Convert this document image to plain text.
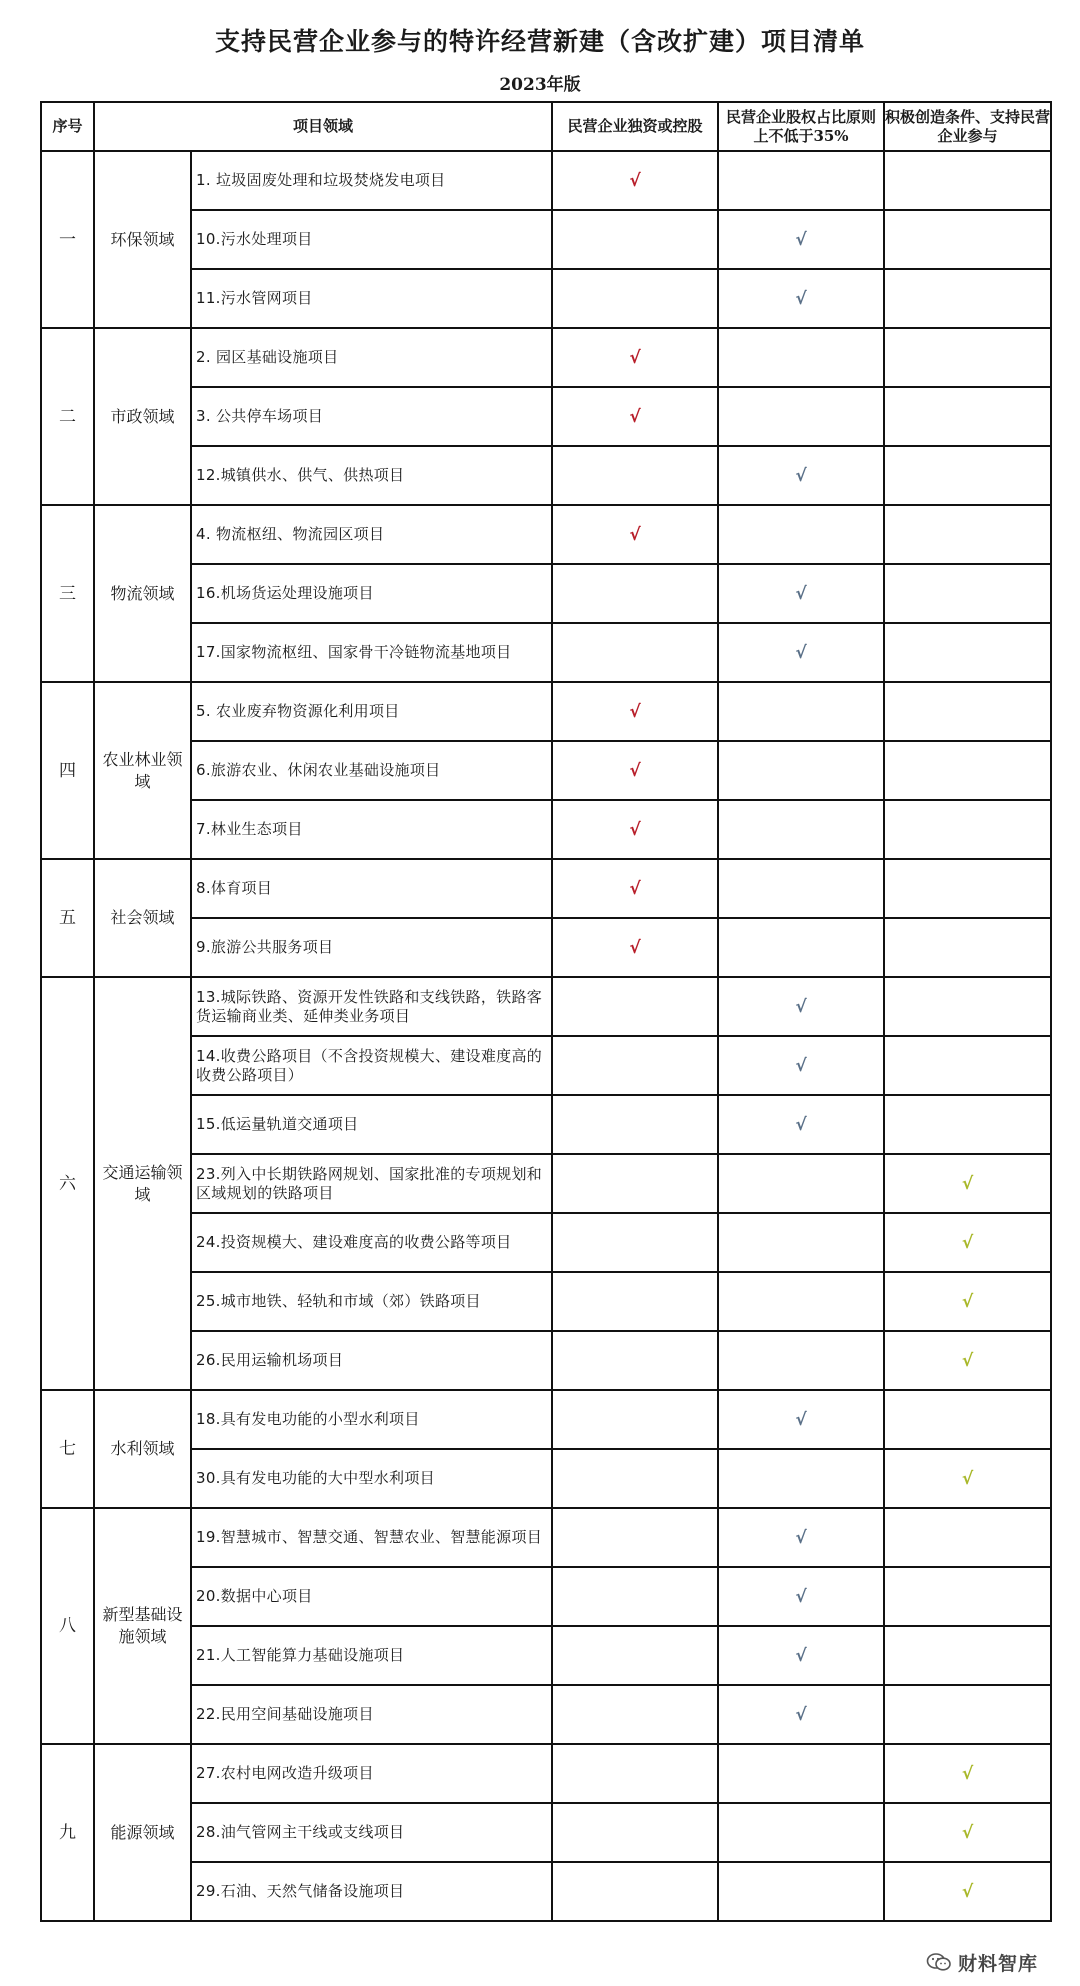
支持民营企业参与的特许经营新建（含改扩建）项目清单
2023年版
序号	项目领域		民营企业独资或控股	民营企业股权占比原则上不低于35%	积极创造条件、支持民营企业参与
一	环保领域	1. 垃圾固废处理和垃圾焚烧发电项目	√		
		10.污水处理项目		√	
		11.污水管网项目		√	
二	市政领域	2. 园区基础设施项目	√		
		3. 公共停车场项目	√		
		12.城镇供水、供气、供热项目		√	
三	物流领域	4. 物流枢纽、物流园区项目	√		
		16.机场货运处理设施项目		√	
		17.国家物流枢纽、国家骨干冷链物流基地项目		√	
四	农业林业领域	5. 农业废弃物资源化利用项目	√		
		6.旅游农业、休闲农业基础设施项目	√		
		7.林业生态项目	√		
五	社会领域	8.体育项目	√		
		9.旅游公共服务项目	√		
六	交通运输领域	13.城际铁路、资源开发性铁路和支线铁路，铁路客货运输商业类、延伸类业务项目		√	
		14.收费公路项目（不含投资规模大、建设难度高的收费公路项目）		√	
		15.低运量轨道交通项目		√	
		23.列入中长期铁路网规划、国家批准的专项规划和区域规划的铁路项目			√
		24.投资规模大、建设难度高的收费公路等项目			√
		25.城市地铁、轻轨和市域（郊）铁路项目			√
		26.民用运输机场项目			√
七	水利领域	18.具有发电功能的小型水利项目		√	
		30.具有发电功能的大中型水利项目			√
八	新型基础设施领域	19.智慧城市、智慧交通、智慧农业、智慧能源项目		√	
		20.数据中心项目		√	
		21.人工智能算力基础设施项目		√	
		22.民用空间基础设施项目		√	
九	能源领域	27.农村电网改造升级项目			√
		28.油气管网主干线或支线项目			√
		29.石油、天然气储备设施项目			√
财料智库
